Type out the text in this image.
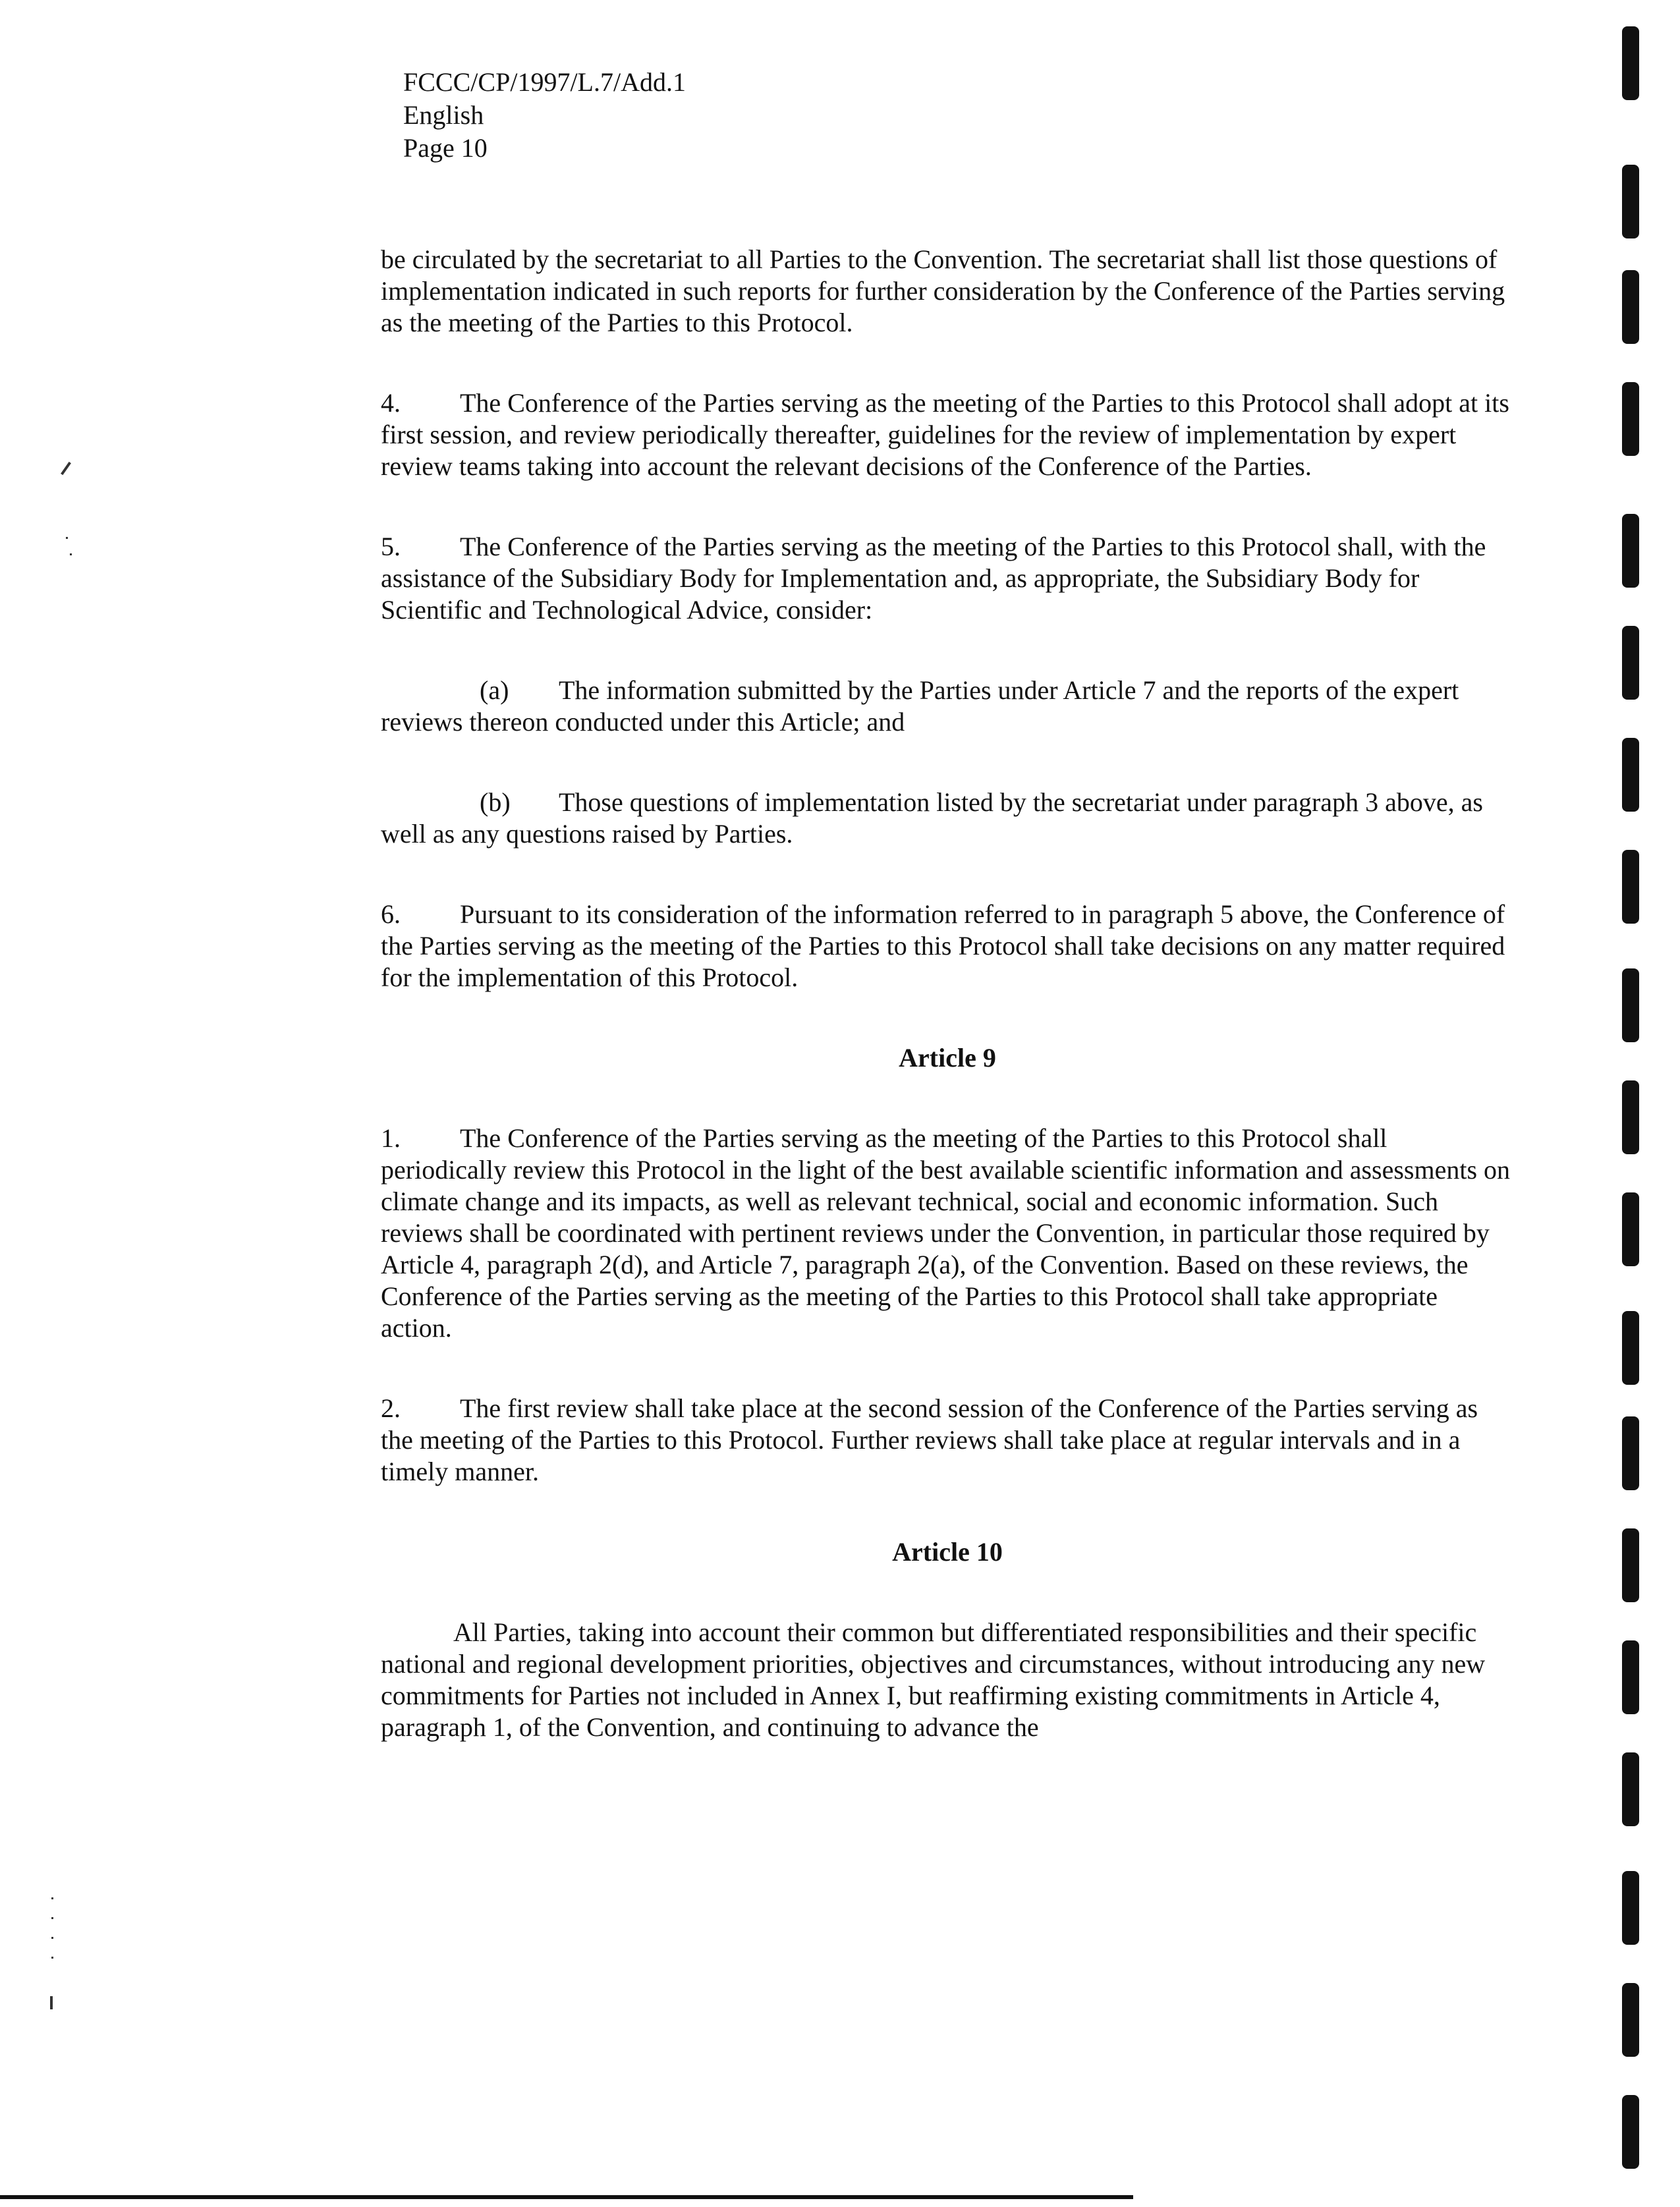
FCCC/CP/1997/L.7/Add.1
English
Page 10

be circulated by the secretariat to all Parties to the Convention. The secretariat shall list those questions of implementation indicated in such reports for further consideration by the Conference of the Parties serving as the meeting of the Parties to this Protocol.

4. The Conference of the Parties serving as the meeting of the Parties to this Protocol shall adopt at its first session, and review periodically thereafter, guidelines for the review of implementation by expert review teams taking into account the relevant decisions of the Conference of the Parties.

5. The Conference of the Parties serving as the meeting of the Parties to this Protocol shall, with the assistance of the Subsidiary Body for Implementation and, as appropriate, the Subsidiary Body for Scientific and Technological Advice, consider:

(a) The information submitted by the Parties under Article 7 and the reports of the expert reviews thereon conducted under this Article; and

(b) Those questions of implementation listed by the secretariat under paragraph 3 above, as well as any questions raised by Parties.

6. Pursuant to its consideration of the information referred to in paragraph 5 above, the Conference of the Parties serving as the meeting of the Parties to this Protocol shall take decisions on any matter required for the implementation of this Protocol.

Article 9

1. The Conference of the Parties serving as the meeting of the Parties to this Protocol shall periodically review this Protocol in the light of the best available scientific information and assessments on climate change and its impacts, as well as relevant technical, social and economic information. Such reviews shall be coordinated with pertinent reviews under the Convention, in particular those required by Article 4, paragraph 2(d), and Article 7, paragraph 2(a), of the Convention. Based on these reviews, the Conference of the Parties serving as the meeting of the Parties to this Protocol shall take appropriate action.

2. The first review shall take place at the second session of the Conference of the Parties serving as the meeting of the Parties to this Protocol. Further reviews shall take place at regular intervals and in a timely manner.

Article 10

All Parties, taking into account their common but differentiated responsibilities and their specific national and regional development priorities, objectives and circumstances, without introducing any new commitments for Parties not included in Annex I, but reaffirming existing commitments in Article 4, paragraph 1, of the Convention, and continuing to advance the
